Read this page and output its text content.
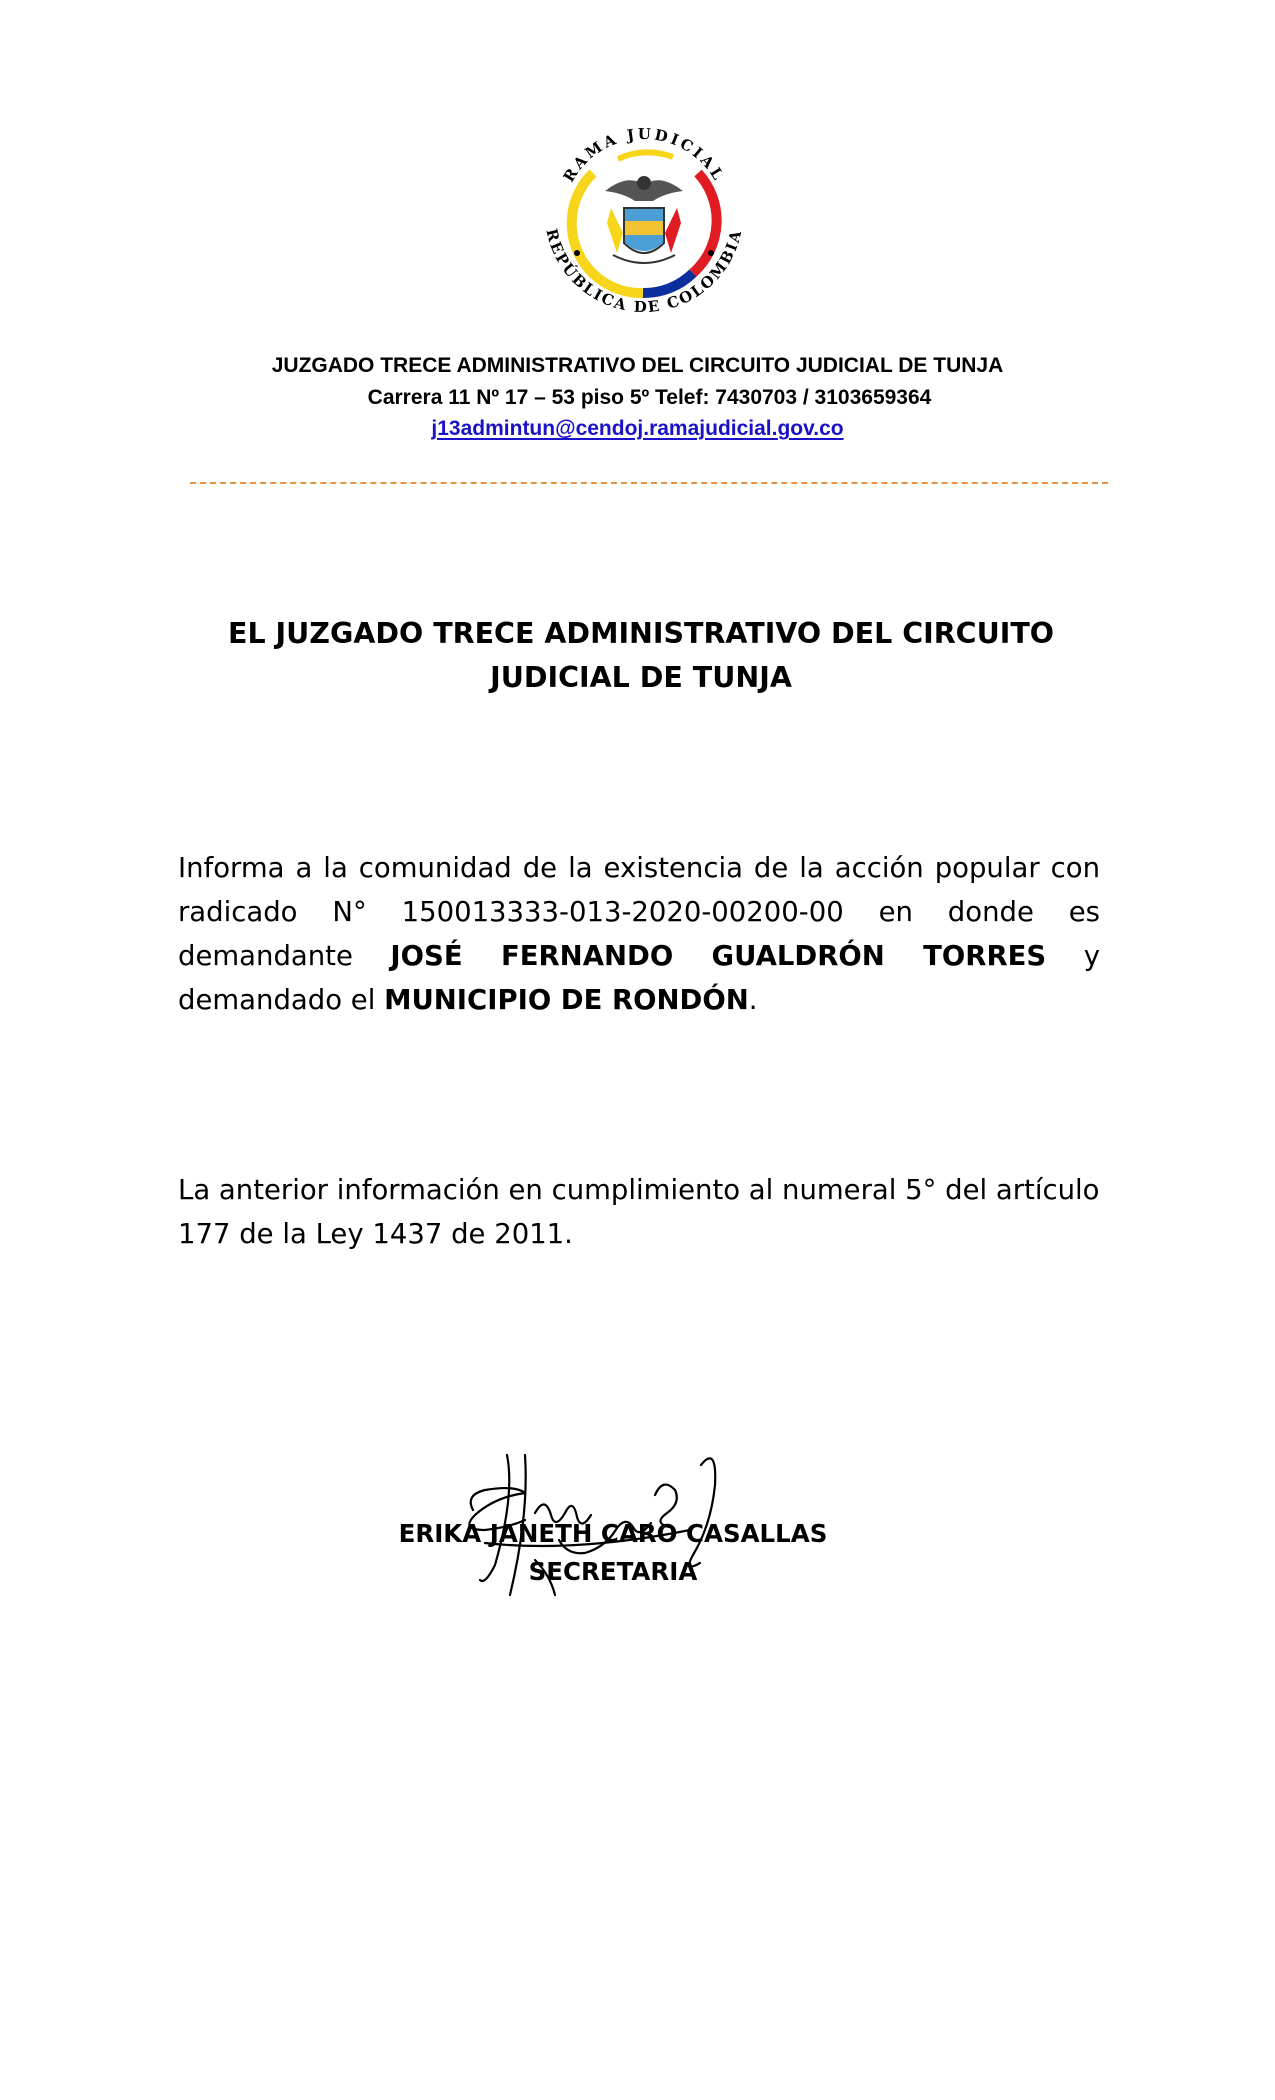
RAMA JUDICIAL
REPÚBLICA DE COLOMBIA
JUZGADO TRECE ADMINISTRATIVO DEL CIRCUITO JUDICIAL DE TUNJA
Carrera 11 Nº 17 – 53 piso 5º Telef: 7430703 / 3103659364
j13admintun@cendoj.ramajudicial.gov.co
EL JUZGADO TRECE ADMINISTRATIVO DEL CIRCUITO
JUDICIAL DE TUNJA
Informa a la comunidad de la existencia de la acción popular con
radicado N° 150013333-013-2020-00200-00 en donde es
demandante JOSÉ FERNANDO GUALDRÓN TORRES y
demandado el MUNICIPIO DE RONDÓN.
La anterior información en cumplimiento al numeral 5° del artículo
177 de la Ley 1437 de 2011.
ERIKA JANETH CARO CASALLAS
SECRETARIA
